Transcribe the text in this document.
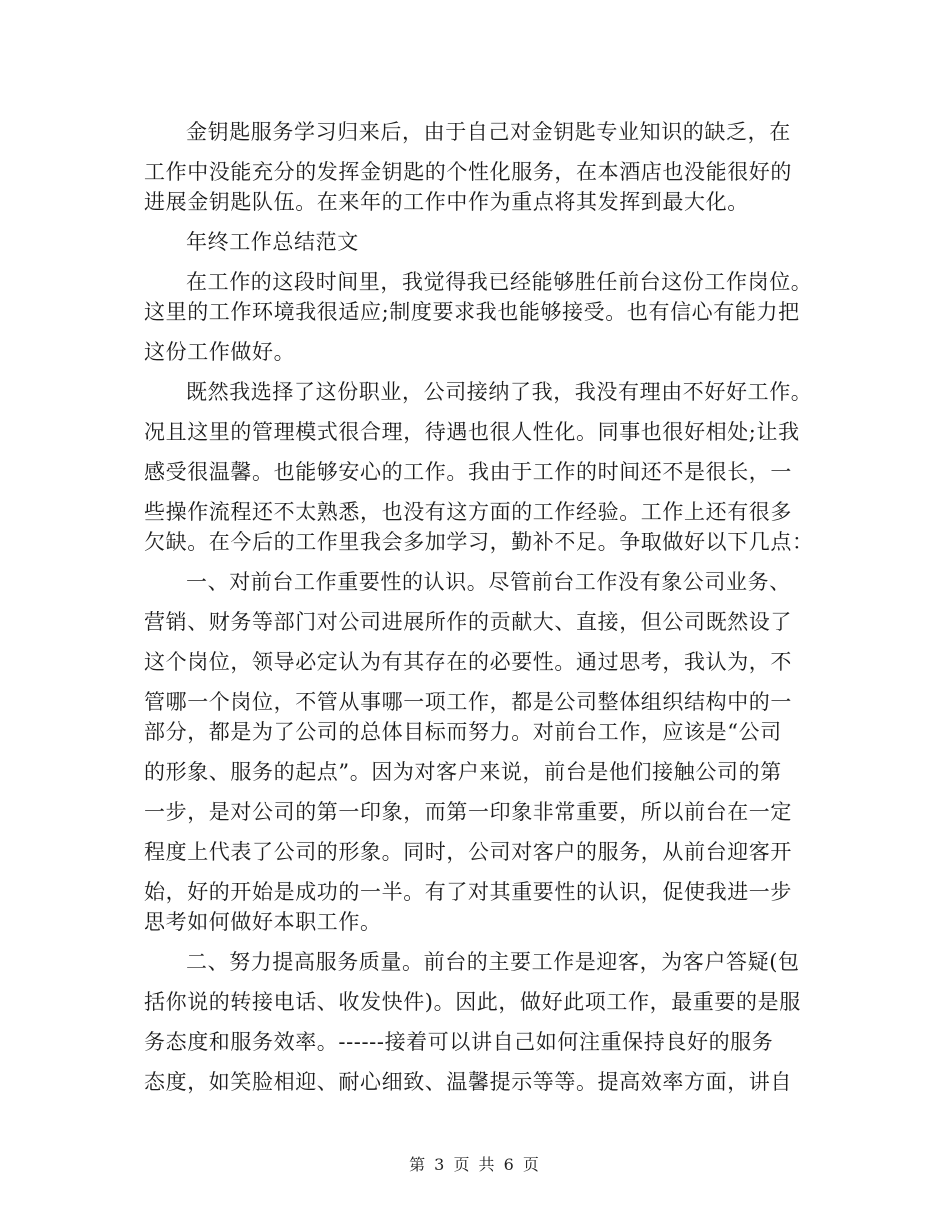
金钥匙服务学习归来后，由于自己对金钥匙专业知识的缺乏，在
工作中没能充分的发挥金钥匙的个性化服务，在本酒店也没能很好的
进展金钥匙队伍。在来年的工作中作为重点将其发挥到最大化。
年终工作总结范文
在工作的这段时间里，我觉得我已经能够胜任前台这份工作岗位。
这里的工作环境我很适应;制度要求我也能够接受。也有信心有能力把
这份工作做好。
既然我选择了这份职业，公司接纳了我，我没有理由不好好工作。
况且这里的管理模式很合理，待遇也很人性化。同事也很好相处;让我
感受很温馨。也能够安心的工作。我由于工作的时间还不是很长，一
些操作流程还不太熟悉，也没有这方面的工作经验。工作上还有很多
欠缺。在今后的工作里我会多加学习，勤补不足。争取做好以下几点：
一、对前台工作重要性的认识。尽管前台工作没有象公司业务、
营销、财务等部门对公司进展所作的贡献大、直接，但公司既然设了
这个岗位，领导必定认为有其存在的必要性。通过思考，我认为，不
管哪一个岗位，不管从事哪一项工作，都是公司整体组织结构中的一
部分，都是为了公司的总体目标而努力。对前台工作，应该是“公司
的形象、服务的起点”。因为对客户来说，前台是他们接触公司的第
一步，是对公司的第一印象，而第一印象非常重要，所以前台在一定
程度上代表了公司的形象。同时，公司对客户的服务，从前台迎客开
始，好的开始是成功的一半。有了对其重要性的认识，促使我进一步
思考如何做好本职工作。
二、努力提高服务质量。前台的主要工作是迎客，为客户答疑(包
括你说的转接电话、收发快件)。因此，做好此项工作，最重要的是服
务态度和服务效率。------接着可以讲自己如何注重保持良好的服务
态度，如笑脸相迎、耐心细致、温馨提示等等。提高效率方面，讲自
第 3 页 共 6 页
